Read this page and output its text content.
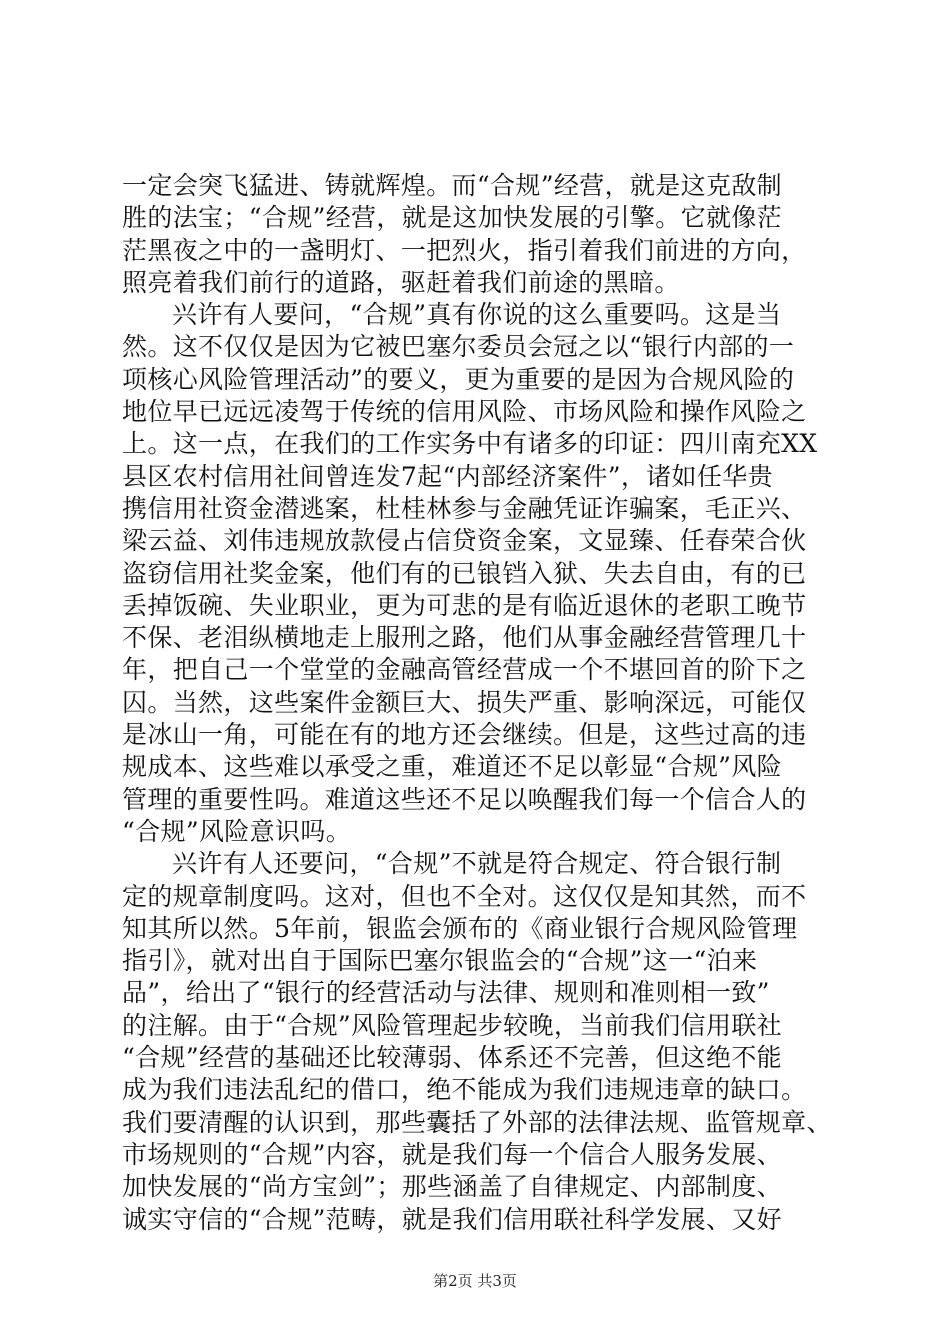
一定会突飞猛进、铸就辉煌。而“合规”经营，就是这克敌制
胜的法宝；“合规”经营，就是这加快发展的引擎。它就像茫
茫黑夜之中的一盏明灯、一把烈火，指引着我们前进的方向，
照亮着我们前行的道路，驱赶着我们前途的黑暗。
兴许有人要问，“合规”真有你说的这么重要吗。这是当
然。这不仅仅是因为它被巴塞尔委员会冠之以“银行内部的一
项核心风险管理活动”的要义，更为重要的是因为合规风险的
地位早已远远凌驾于传统的信用风险、市场风险和操作风险之
上。这一点，在我们的工作实务中有诸多的印证：四川南充XX
县区农村信用社间曾连发7起“内部经济案件”，诸如任华贵
携信用社资金潜逃案，杜桂林参与金融凭证诈骗案，毛正兴、
梁云益、刘伟违规放款侵占信贷资金案，文显臻、任春荣合伙
盗窃信用社奖金案，他们有的已锒铛入狱、失去自由，有的已
丢掉饭碗、失业职业，更为可悲的是有临近退休的老职工晚节
不保、老泪纵横地走上服刑之路，他们从事金融经营管理几十
年，把自己一个堂堂的金融高管经营成一个不堪回首的阶下之
囚。当然，这些案件金额巨大、损失严重、影响深远，可能仅
是冰山一角，可能在有的地方还会继续。但是，这些过高的违
规成本、这些难以承受之重，难道还不足以彰显“合规”风险
管理的重要性吗。难道这些还不足以唤醒我们每一个信合人的
“合规”风险意识吗。
兴许有人还要问，“合规”不就是符合规定、符合银行制
定的规章制度吗。这对，但也不全对。这仅仅是知其然，而不
知其所以然。5年前，银监会颁布的《商业银行合规风险管理
指引》，就对出自于国际巴塞尔银监会的“合规”这一“泊来
品”，给出了“银行的经营活动与法律、规则和准则相一致”
的注解。由于“合规”风险管理起步较晚，当前我们信用联社
“合规”经营的基础还比较薄弱、体系还不完善，但这绝不能
成为我们违法乱纪的借口，绝不能成为我们违规违章的缺口。
我们要清醒的认识到，那些囊括了外部的法律法规、监管规章、
市场规则的“合规”内容，就是我们每一个信合人服务发展、
加快发展的“尚方宝剑”；那些涵盖了自律规定、内部制度、
诚实守信的“合规”范畴，就是我们信用联社科学发展、又好
第2页 共3页
